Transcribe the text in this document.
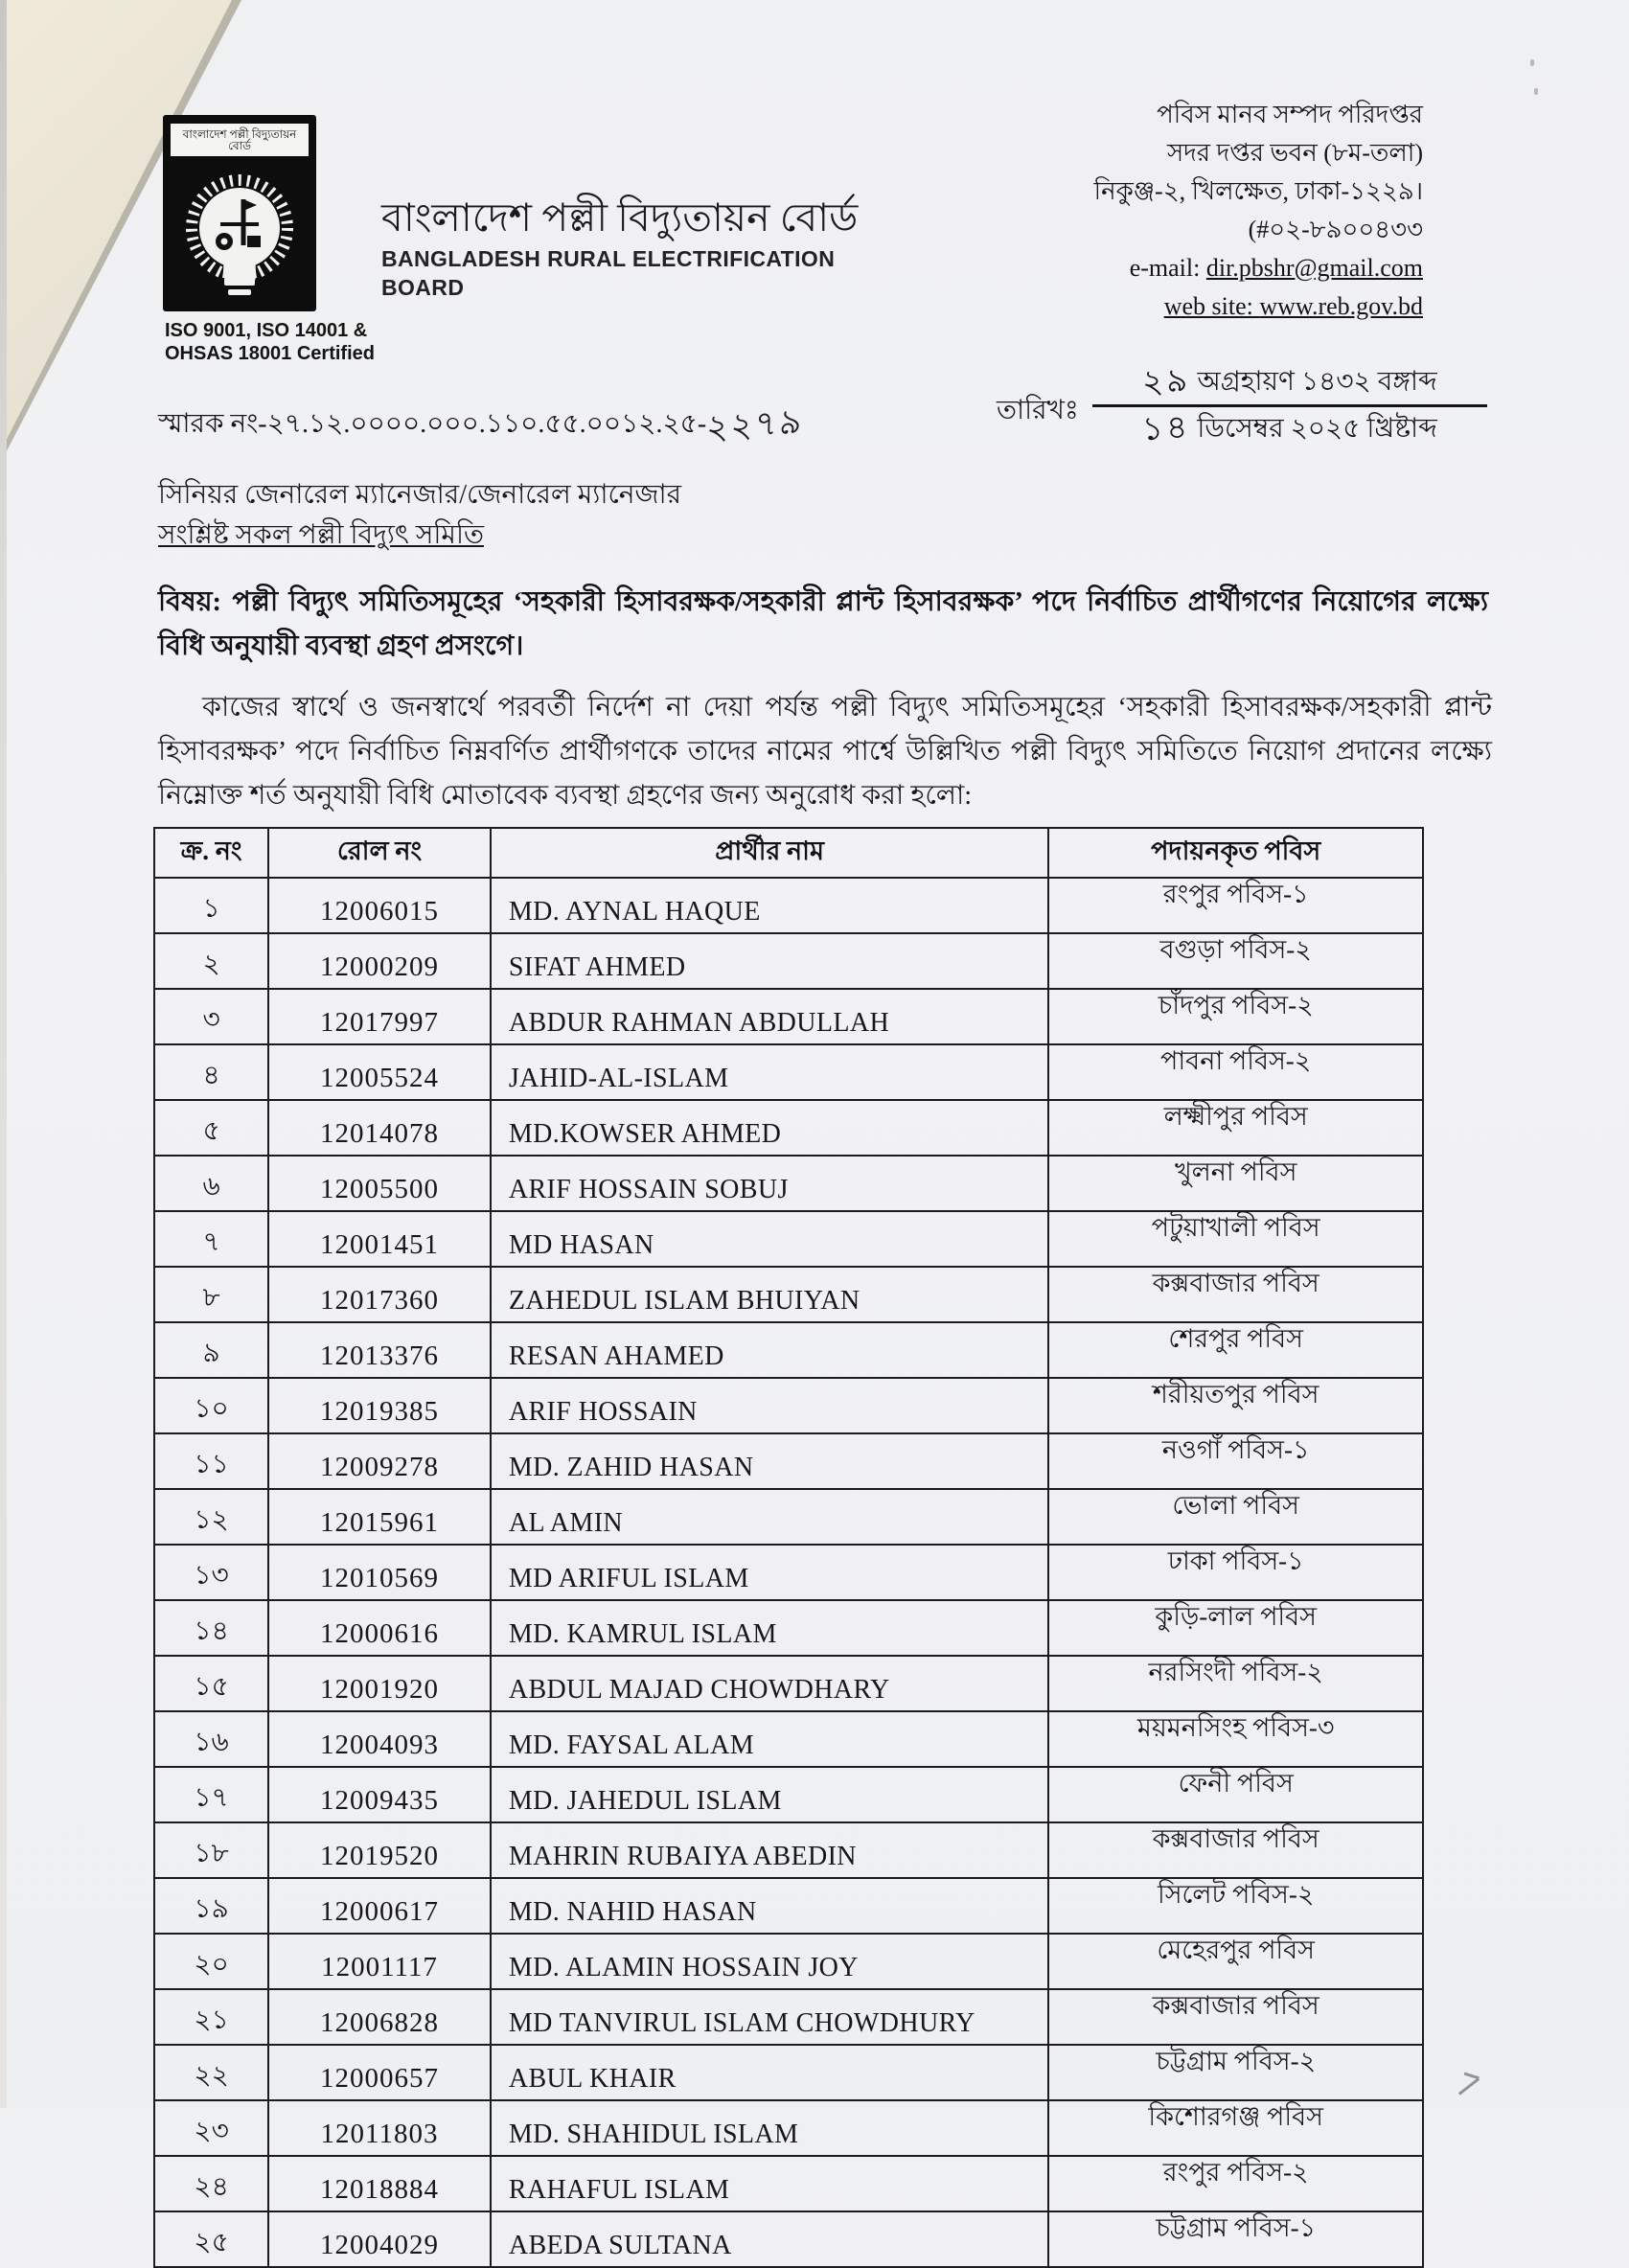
বাংলাদেশ পল্লী বিদ্যুতায়ন বোর্ড
ISO 9001, ISO 14001 &
OHSAS 18001 Certified
বাংলাদেশ পল্লী বিদ্যুতায়ন বোর্ড
BANGLADESH RURAL ELECTRIFICATION BOARD
পবিস মানব সম্পদ পরিদপ্তর
সদর দপ্তর ভবন (৮ম-তলা)
নিকুঞ্জ-২, খিলক্ষেত, ঢাকা-১২২৯।
(#০২-৮৯০০৪৩৩
e-mail: dir.pbshr@gmail.com
web site: www.reb.gov.bd
স্মারক নং-২৭.১২.০০০০.০০০.১১০.৫৫.০০১২.২৫-২২৭৯	তারিখঃ
২৯ অগ্রহায়ণ ১৪৩২ বঙ্গাব্দ
১৪ ডিসেম্বর ২০২৫ খ্রিষ্টাব্দ
সিনিয়র জেনারেল ম্যানেজার/জেনারেল ম্যানেজার
সংশ্লিষ্ট সকল পল্লী বিদ্যুৎ সমিতি
বিষয়: পল্লী বিদ্যুৎ সমিতিসমূহের ‘সহকারী হিসাবরক্ষক/সহকারী প্লান্ট হিসাবরক্ষক’ পদে নির্বাচিত প্রার্থীগণের নিয়োগের লক্ষ্যে বিধি অনুযায়ী ব্যবস্থা গ্রহণ প্রসংগে।
কাজের স্বার্থে ও জনস্বার্থে পরবর্তী নির্দেশ না দেয়া পর্যন্ত পল্লী বিদ্যুৎ সমিতিসমূহের ‘সহকারী হিসাবরক্ষক/সহকারী প্লান্ট হিসাবরক্ষক’ পদে নির্বাচিত নিম্নবর্ণিত প্রার্থীগণকে তাদের নামের পার্শ্বে উল্লিখিত পল্লী বিদ্যুৎ সমিতিতে নিয়োগ প্রদানের লক্ষ্যে নিম্নোক্ত শর্ত অনুযায়ী বিধি মোতাবেক ব্যবস্থা গ্রহণের জন্য অনুরোধ করা হলো:
ক্র. নং	রোল নং	প্রার্থীর নাম	পদায়নকৃত পবিস
১	12006015	MD. AYNAL HAQUE	রংপুর পবিস-১
২	12000209	SIFAT AHMED	বগুড়া পবিস-২
৩	12017997	ABDUR RAHMAN ABDULLAH	চাঁদপুর পবিস-২
৪	12005524	JAHID-AL-ISLAM	পাবনা পবিস-২
৫	12014078	MD.KOWSER AHMED	লক্ষ্মীপুর পবিস
৬	12005500	ARIF HOSSAIN SOBUJ	খুলনা পবিস
৭	12001451	MD HASAN	পটুয়াখালী পবিস
৮	12017360	ZAHEDUL ISLAM BHUIYAN	কক্সবাজার পবিস
৯	12013376	RESAN AHAMED	শেরপুর পবিস
১০	12019385	ARIF HOSSAIN	শরীয়তপুর পবিস
১১	12009278	MD. ZAHID HASAN	নওগাঁ পবিস-১
১২	12015961	AL AMIN	ভোলা পবিস
১৩	12010569	MD ARIFUL ISLAM	ঢাকা পবিস-১
১৪	12000616	MD. KAMRUL ISLAM	কুড়ি-লাল পবিস
১৫	12001920	ABDUL MAJAD CHOWDHARY	নরসিংদী পবিস-২
১৬	12004093	MD. FAYSAL ALAM	ময়মনসিংহ পবিস-৩
১৭	12009435	MD. JAHEDUL ISLAM	ফেনী পবিস
১৮	12019520	MAHRIN RUBAIYA ABEDIN	কক্সবাজার পবিস
১৯	12000617	MD. NAHID HASAN	সিলেট পবিস-২
২০	12001117	MD. ALAMIN HOSSAIN JOY	মেহেরপুর পবিস
২১	12006828	MD TANVIRUL ISLAM CHOWDHURY	কক্সবাজার পবিস
২২	12000657	ABUL KHAIR	চট্টগ্রাম পবিস-২
২৩	12011803	MD. SHAHIDUL ISLAM	কিশোরগঞ্জ পবিস
২৪	12018884	RAHAFUL ISLAM	রংপুর পবিস-২
২৫	12004029	ABEDA SULTANA	চট্টগ্রাম পবিস-১
